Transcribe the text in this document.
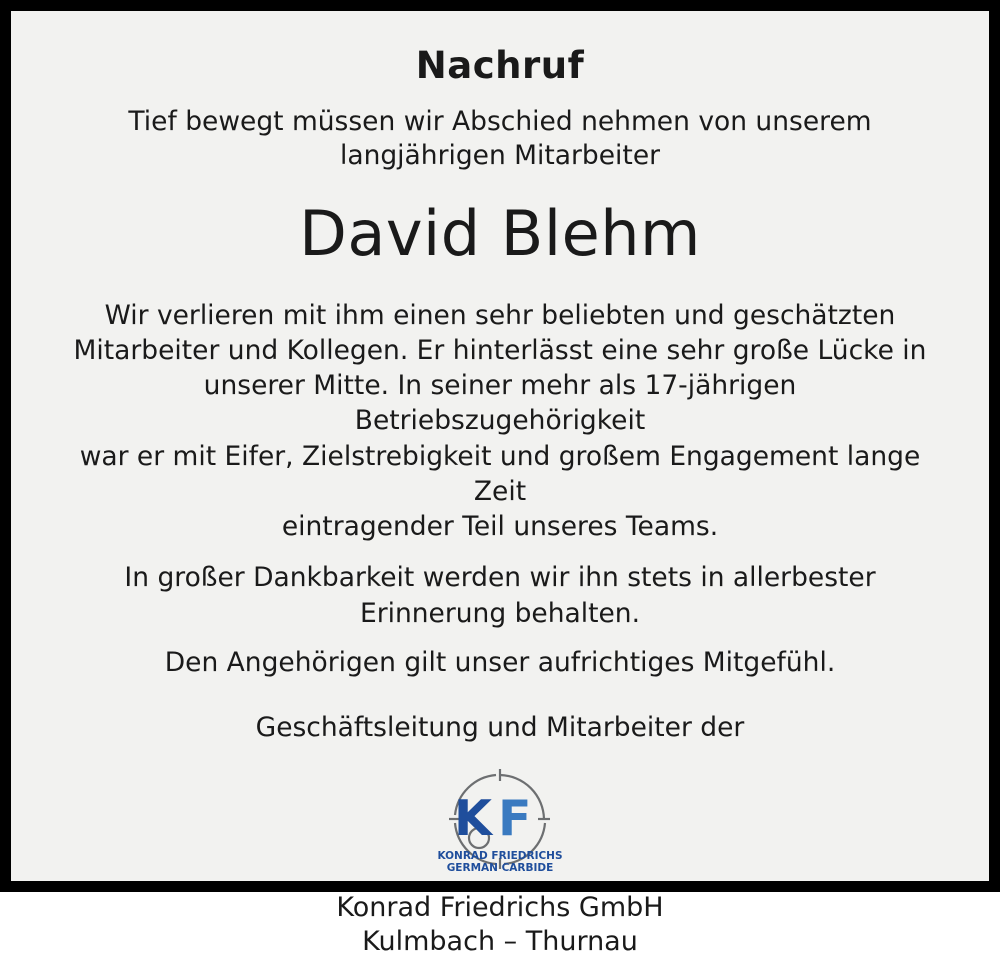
Nachruf
Tief bewegt müssen wir Abschied nehmen von unserem
langjährigen Mitarbeiter
David Blehm
Wir verlieren mit ihm einen sehr beliebten und geschätzten
Mitarbeiter und Kollegen. Er hinterlässt eine sehr große Lücke in
unserer Mitte. In seiner mehr als 17-jährigen Betriebszugehörigkeit
war er mit Eifer, Zielstrebigkeit und großem Engagement lange Zeit
eintragender Teil unseres Teams.
In großer Dankbarkeit werden wir ihn stets in allerbester
Erinnerung behalten.
Den Angehörigen gilt unser aufrichtiges Mitgefühl.
Geschäftsleitung und Mitarbeiter der
K F
KONRAD FRIEDRICHS
GERMAN CARBIDE
Konrad Friedrichs GmbH
Kulmbach – Thurnau
